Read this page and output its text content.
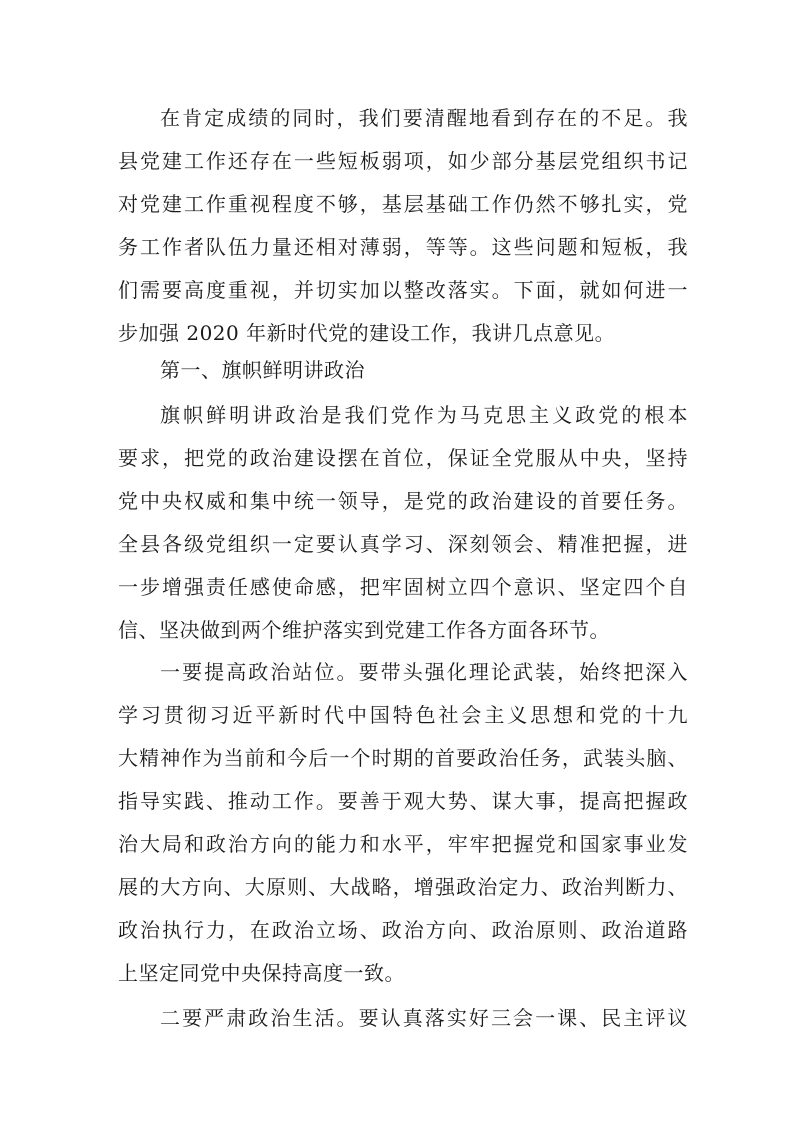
在肯定成绩的同时，我们要清醒地看到存在的不足。我
县党建工作还存在一些短板弱项，如少部分基层党组织书记
对党建工作重视程度不够，基层基础工作仍然不够扎实，党
务工作者队伍力量还相对薄弱，等等。这些问题和短板，我
们需要高度重视，并切实加以整改落实。下面，就如何进一
步加强 2020 年新时代党的建设工作，我讲几点意见。
第一、旗帜鲜明讲政治
旗帜鲜明讲政治是我们党作为马克思主义政党的根本
要求，把党的政治建设摆在首位，保证全党服从中央，坚持
党中央权威和集中统一领导，是党的政治建设的首要任务。
全县各级党组织一定要认真学习、深刻领会、精准把握，进
一步增强责任感使命感，把牢固树立四个意识、坚定四个自
信、坚决做到两个维护落实到党建工作各方面各环节。
一要提高政治站位。要带头强化理论武装，始终把深入
学习贯彻习近平新时代中国特色社会主义思想和党的十九
大精神作为当前和今后一个时期的首要政治任务，武装头脑、
指导实践、推动工作。要善于观大势、谋大事，提高把握政
治大局和政治方向的能力和水平，牢牢把握党和国家事业发
展的大方向、大原则、大战略，增强政治定力、政治判断力、
政治执行力，在政治立场、政治方向、政治原则、政治道路
上坚定同党中央保持高度一致。
二要严肃政治生活。要认真落实好三会一课、民主评议
